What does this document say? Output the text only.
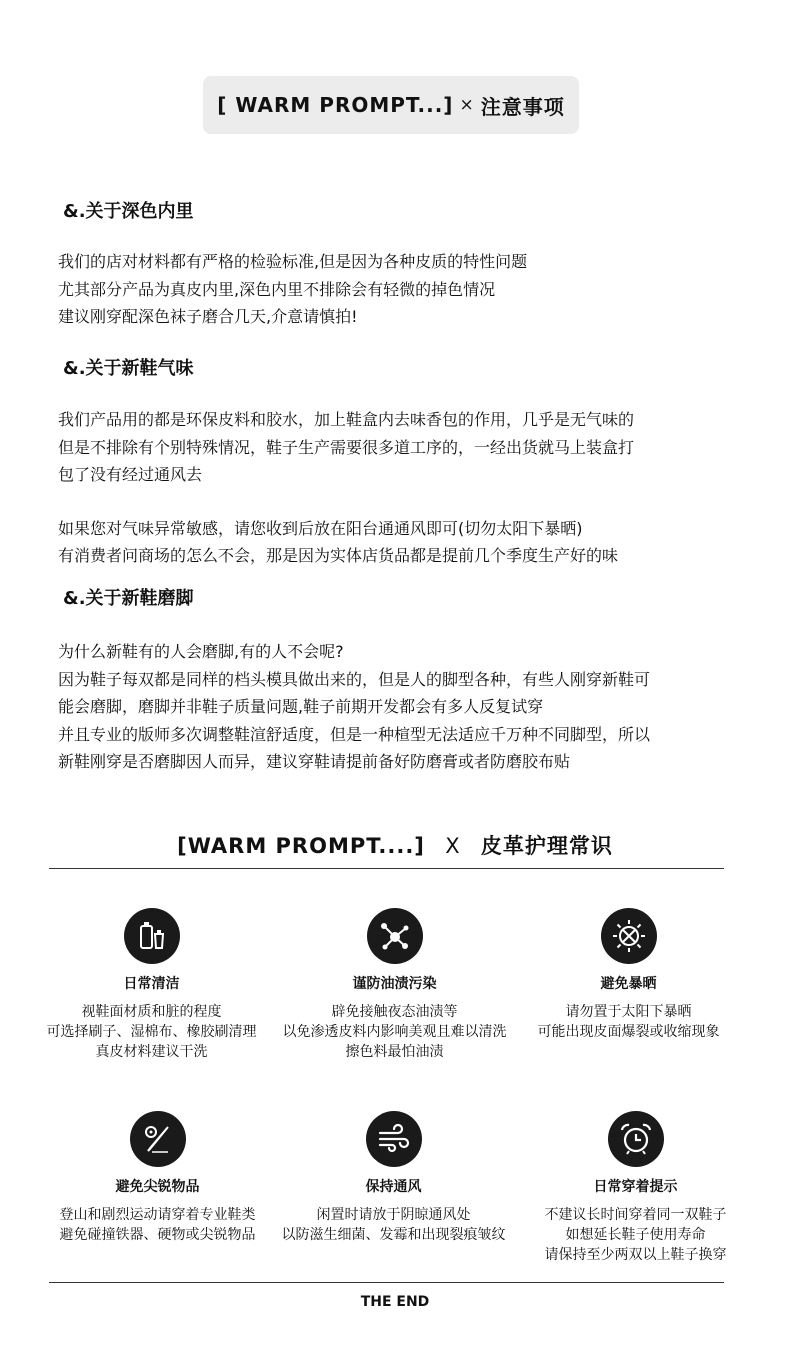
[ WARM PROMPT...] × 注意事项
&.关于深色内里

我们的店对材料都有严格的检验标准,但是因为各种皮质的特性问题
尤其部分产品为真皮内里,深色内里不排除会有轻微的掉色情况
建议刚穿配深色袜子磨合几天,介意请慎拍!

&.关于新鞋气味

我们产品用的都是环保皮料和胶水，加上鞋盒内去味香包的作用，几乎是无气味的
但是不排除有个别特殊情况，鞋子生产需要很多道工序的，一经出货就马上装盒打
包了没有经过通风去

如果您对气味异常敏感，请您收到后放在阳台通通风即可(切勿太阳下暴晒)
有消费者问商场的怎么不会，那是因为实体店货品都是提前几个季度生产好的味

&.关于新鞋磨脚

为什么新鞋有的人会磨脚,有的人不会呢?
因为鞋子每双都是同样的档头模具做出来的，但是人的脚型各种，有些人刚穿新鞋可
能会磨脚，磨脚并非鞋子质量问题,鞋子前期开发都会有多人反复试穿
并且专业的版师多次调整鞋渲舒适度，但是一种楦型无法适应千万种不同脚型，所以
新鞋刚穿是否磨脚因人而异，建议穿鞋请提前备好防磨膏或者防磨胶布贴

[WARM PROMPT....] X 皮革护理常识
日常清洁
视鞋面材质和脏的程度
可选择刷子、湿棉布、橡胶刷清理
真皮材料建议干洗
谨防油渍污染
辟免接触夜态油渍等
以免渗透皮料内影响美观且难以清洗
擦色料最怕油渍
避免暴晒
请勿置于太阳下暴晒
可能出现皮面爆裂或收缩现象
避免尖锐物品
登山和剧烈运动请穿着专业鞋类
避免碰撞铁器、硬物或尖锐物品
保持通风
闲置时请放于阴晾通风处
以防滋生细菌、发霉和出现裂痕皱纹
日常穿着提示
不建议长时间穿着同一双鞋子
如想延长鞋子使用寿命
请保持至少两双以上鞋子换穿
THE END
